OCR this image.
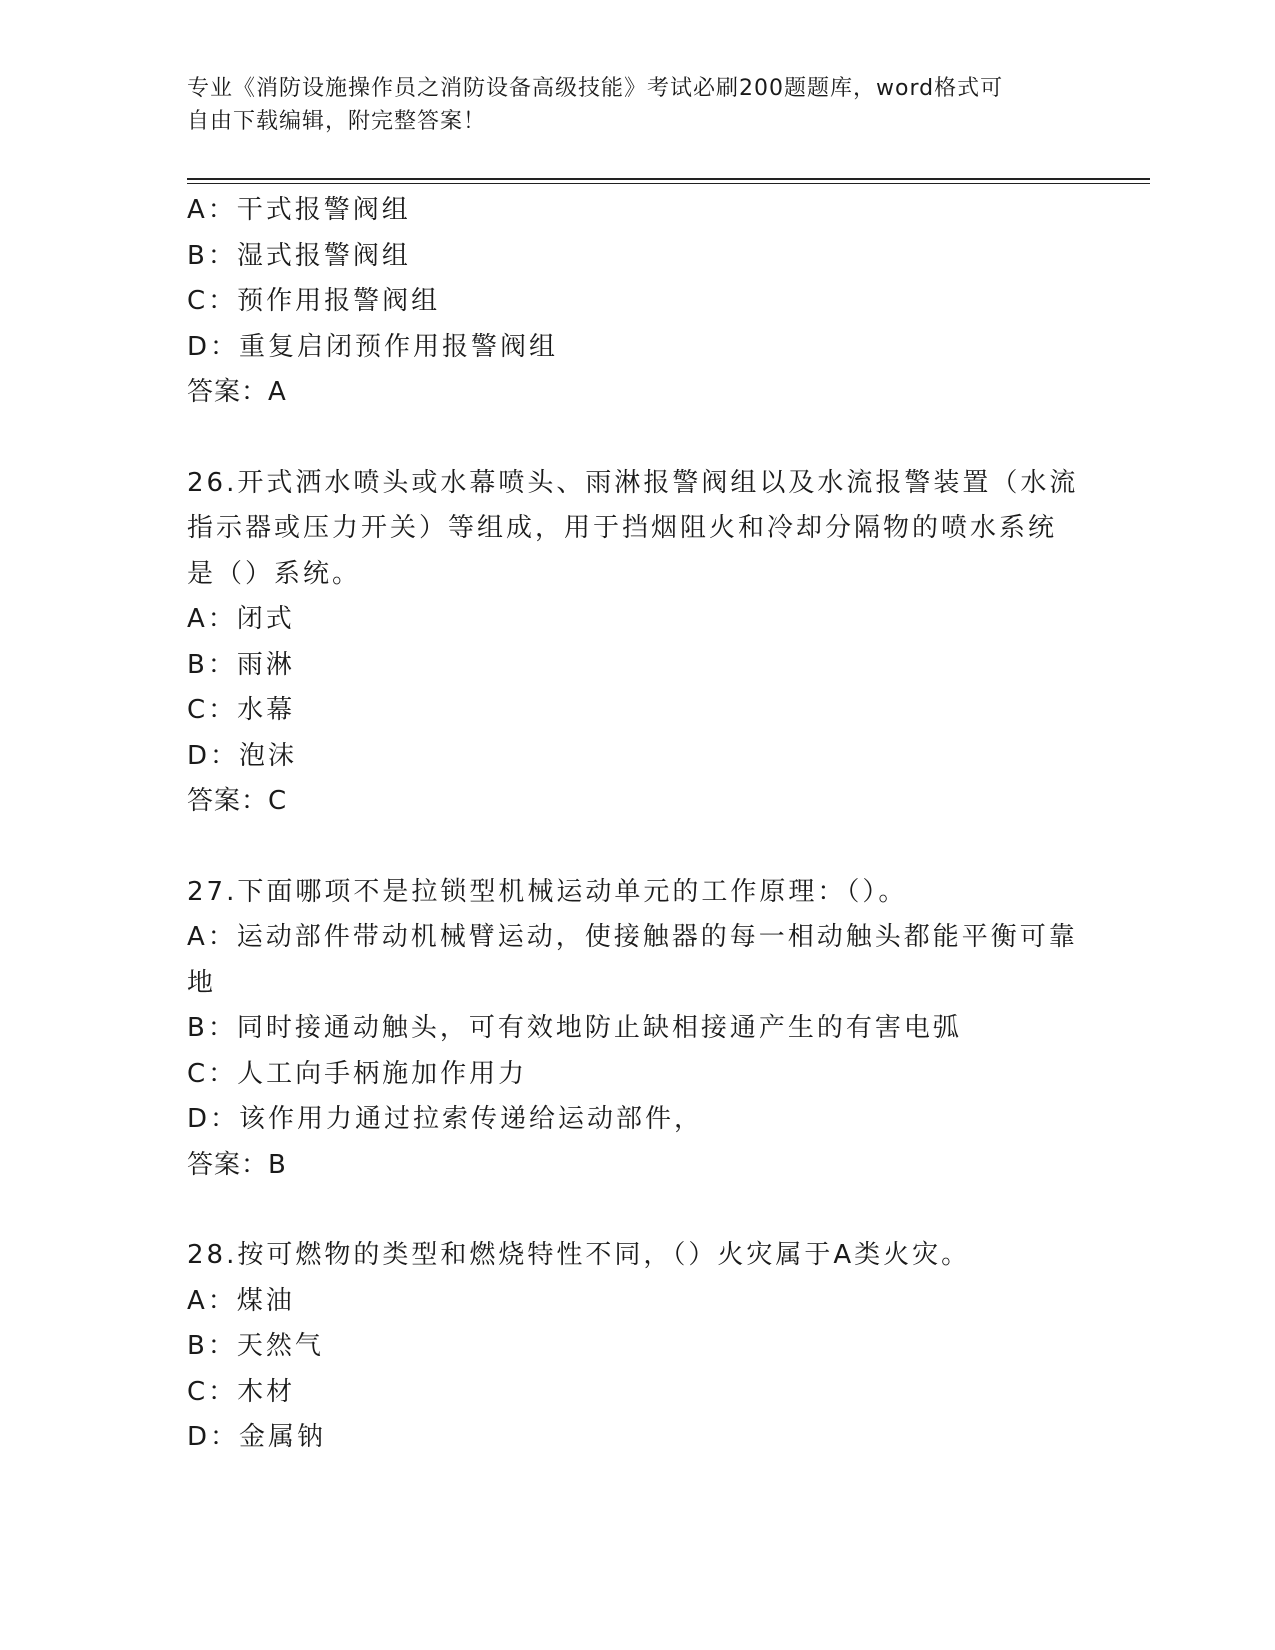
专业《消防设施操作员之消防设备高级技能》考试必刷200题题库，word格式可
自由下载编辑，附完整答案！
A：干式报警阀组
B：湿式报警阀组
C：预作用报警阀组
D：重复启闭预作用报警阀组
答案：A
26.开式洒水喷头或水幕喷头、雨淋报警阀组以及水流报警装置（水流
指示器或压力开关）等组成，用于挡烟阻火和冷却分隔物的喷水系统
是（）系统。
A：闭式
B：雨淋
C：水幕
D：泡沫
答案：C
27.下面哪项不是拉锁型机械运动单元的工作原理：（）。
A：运动部件带动机械臂运动，使接触器的每一相动触头都能平衡可靠
地
B：同时接通动触头，可有效地防止缺相接通产生的有害电弧
C：人工向手柄施加作用力
D：该作用力通过拉索传递给运动部件，
答案：B
28.按可燃物的类型和燃烧特性不同，（）火灾属于A类火灾。
A：煤油
B：天然气
C：木材
D：金属钠
